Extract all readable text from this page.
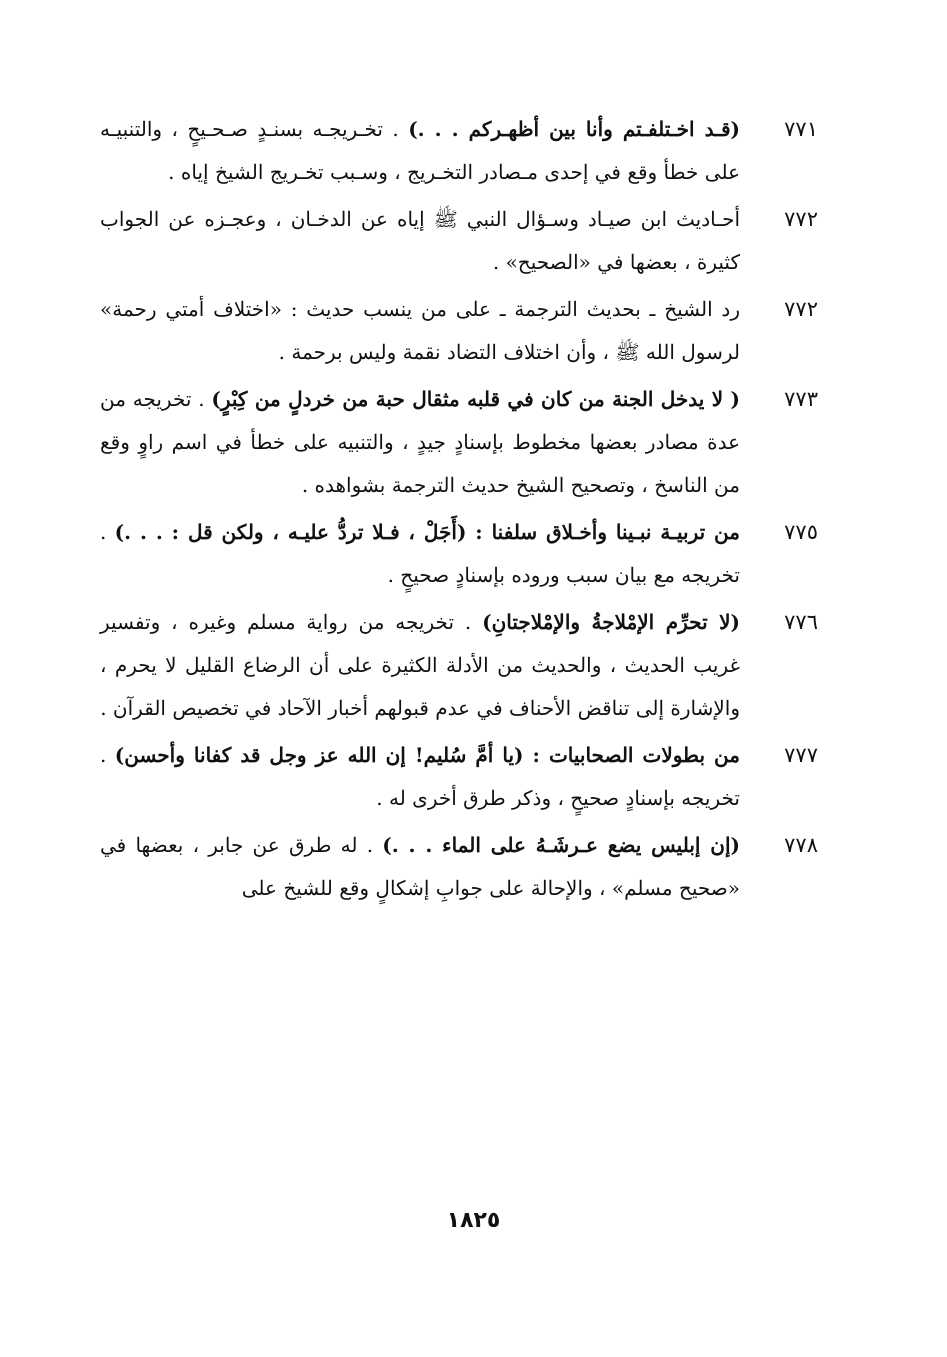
٧٧١
(قـد اخـتلفـتم وأنا بين أظهـركم . . .) . تخـريجـه بسنـدٍ صـحـيحٍ ، والتنبيـه على خطأ وقع في إحدى مـصادر التخـريج ، وسـبب تخـريج الشيخ إياه .
٧٧٢
أحـاديث ابن صيـاد وسـؤال النبي ﷺ إياه عن الدخـان ، وعجـزه عن الجواب كثيرة ، بعضها في «الصحيح» .
٧٧٢
رد الشيخ ـ بحديث الترجمة ـ على من ينسب حديث : «اختلاف أمتي رحمة» لرسول الله ﷺ ، وأن اختلاف التضاد نقمة وليس برحمة .
٧٧٣
( لا يدخل الجنة من كان في قلبه مثقال حبة من خردلٍ من كِبْرٍ) . تخريجه من عدة مصادر بعضها مخطوط بإسنادٍ جيدٍ ، والتنبيه على خطأ في اسم راوٍ وقع من الناسخ ، وتصحيح الشيخ حديث الترجمة بشواهده .
٧٧٥
من تربيـة نبـينا وأخـلاق سلفنا : (أَجَلْ ، فـلا تردُّ عليـه ، ولكن قل : . . .) . تخريجه مع بيان سبب وروده بإسنادٍ صحيحٍ .
٧٧٦
(لا تحرِّم الإمْلاجةُ والإمْلاجتانِ) . تخريجه من رواية مسلم وغيره ، وتفسير غريب الحديث ، والحديث من الأدلة الكثيرة على أن الرضاع القليل لا يحرم ، والإشارة إلى تناقض الأحناف في عدم قبولهم أخبار الآحاد في تخصيص القرآن .
٧٧٧
من بطولات الصحابيات : (يا أمَّ سُليم! إن الله عز وجل قد كفانا وأحسن) . تخريجه بإسنادٍ صحيحٍ ، وذكر طرق أخرى له .
٧٧٨
(إن إبليس يضع عـرشَـهُ على الماء . . .) . له طرق عن جابر ، بعضها في «صحيح مسلم» ، والإحالة على جوابِ إشكالٍ وقع للشيخ على
١٨٢٥
